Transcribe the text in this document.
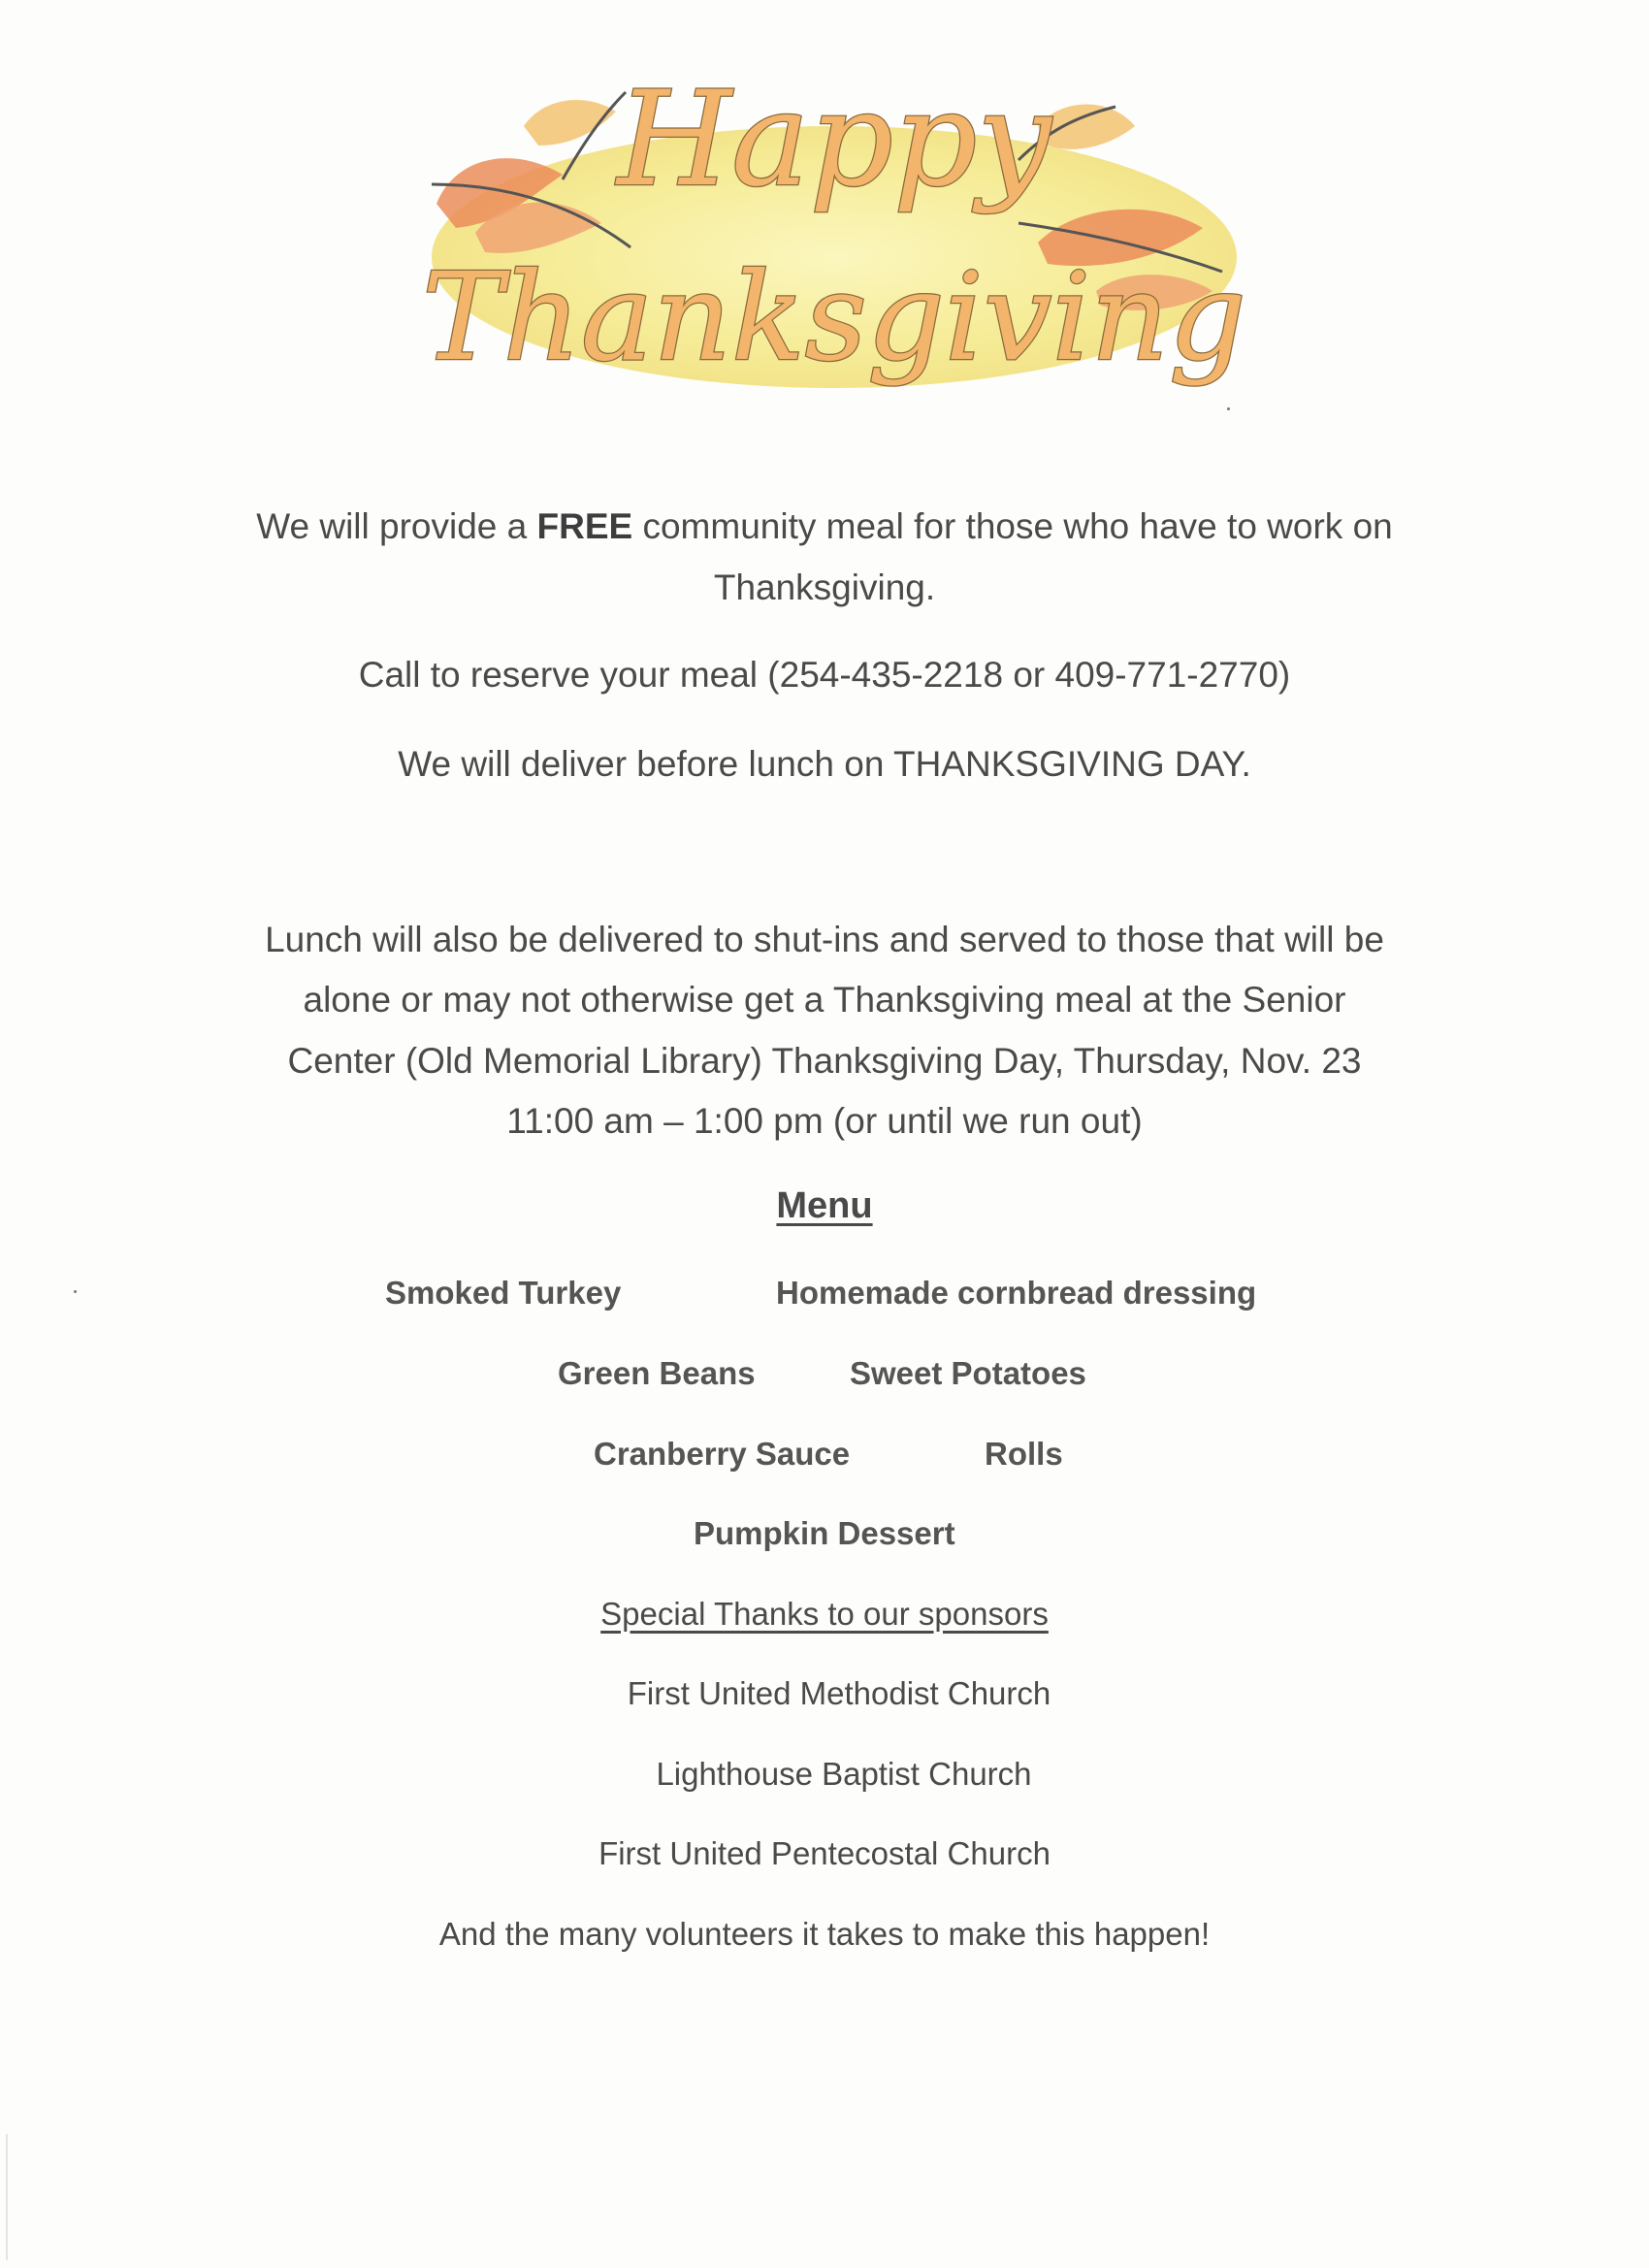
Happy
Thanksgiving

We will provide a FREE community meal for those who have to work on

Thanksgiving.

Call to reserve your meal (254-435-2218 or 409-771-2770)

We will deliver before lunch on THANKSGIVING DAY.

Lunch will also be delivered to shut-ins and served to those that will be

alone or may not otherwise get a Thanksgiving meal at the Senior

Center (Old Memorial Library) Thanksgiving Day, Thursday, Nov. 23

11:00 am – 1:00 pm (or until we run out)

Menu

Smoked Turkey	Homemade cornbread dressing

Green Beans	Sweet Potatoes

Cranberry Sauce	Rolls

Pumpkin Dessert

Special Thanks to our sponsors

First United Methodist Church

Lighthouse Baptist Church

First United Pentecostal Church

And the many volunteers it takes to make this happen!
